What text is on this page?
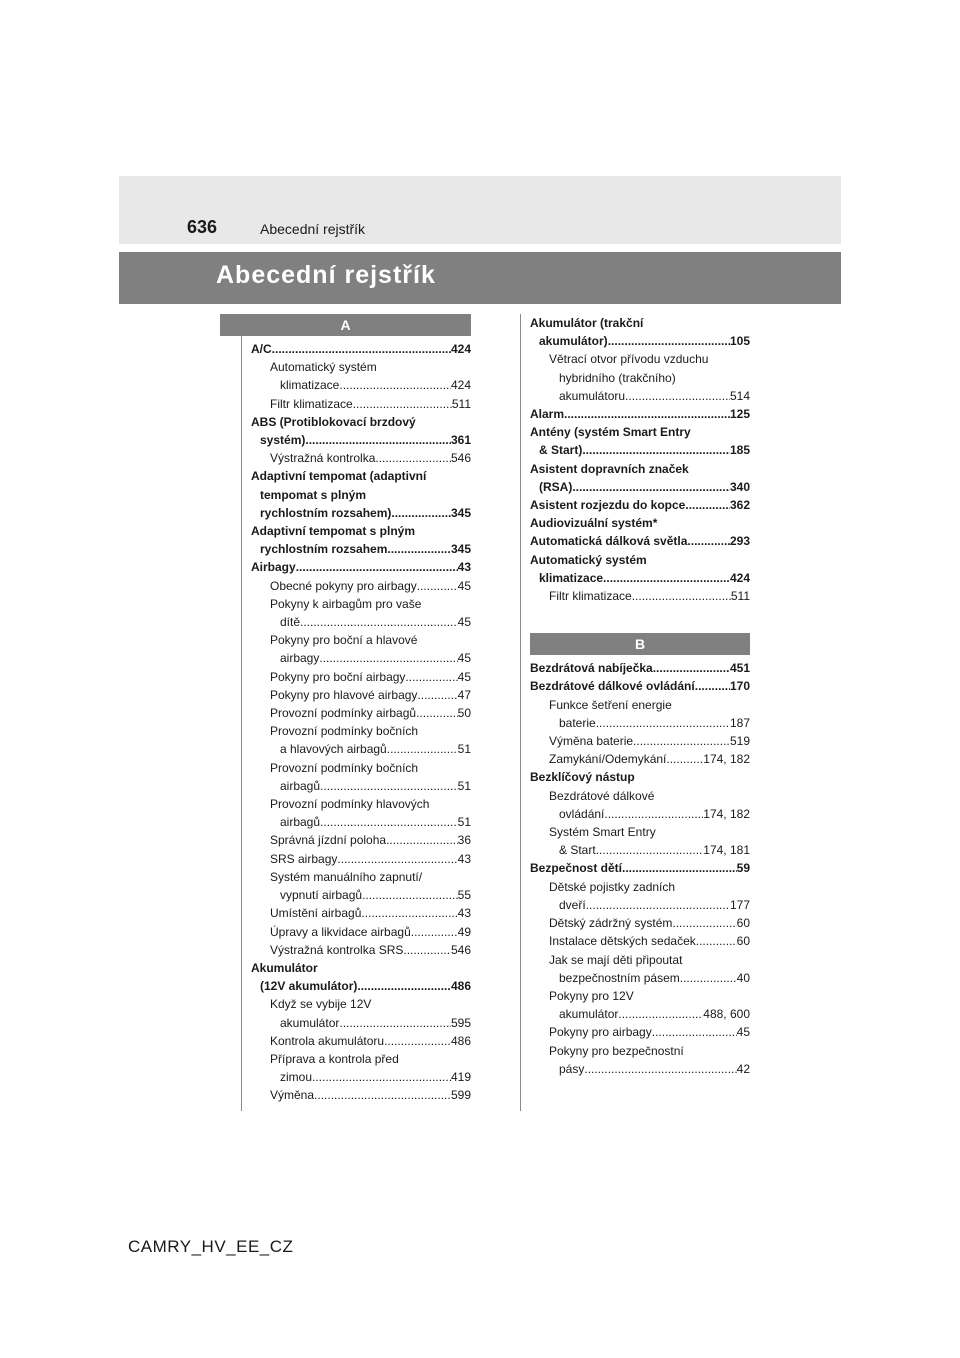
636	Abecední rejstřík
Abecední rejstřík
A
..... A/C	424
Automatický systém
..... klimatizace	424
..... Filtr klimatizace	511
ABS (Protiblokovací brzdový
..... systém)	361
..... Výstražná kontrolka	546
Adaptivní tempomat (adaptivní
tempomat s plným
..... rychlostním rozsahem)	345
Adaptivní tempomat s plným
..... rychlostním rozsahem	345
..... Airbagy	43
..... Obecné pokyny pro airbagy	45
Pokyny k airbagům pro vaše
..... dítě	45
Pokyny pro boční a hlavové
..... airbagy	45
..... Pokyny pro boční airbagy	45
..... Pokyny pro hlavové airbagy	47
..... Provozní podmínky airbagů	50
Provozní podmínky bočních
..... a hlavových airbagů	51
Provozní podmínky bočních
..... airbagů	51
Provozní podmínky hlavových
..... airbagů	51
..... Správná jízdní poloha	36
..... SRS airbagy	43
Systém manuálního zapnutí/
..... vypnutí airbagů	55
..... Umístění airbagů	43
..... Úpravy a likvidace airbagů	49
..... Výstražná kontrolka SRS	546
Akumulátor
..... (12V akumulátor)	486
Když se vybije 12V
..... akumulátor	595
..... Kontrola akumulátoru	486
Příprava a kontrola před
..... zimou	419
..... Výměna	599
Akumulátor (trakční
..... akumulátor)	105
Větrací otvor přívodu vzduchu
hybridního (trakčního)
..... akumulátoru	514
..... Alarm	125
Antény (systém Smart Entry
..... & Start)	185
Asistent dopravních značek
..... (RSA)	340
..... Asistent rozjezdu do kopce	362
Audiovizuální systém*
..... Automatická dálková světla	293
Automatický systém
..... klimatizace	424
..... Filtr klimatizace	511
B
..... Bezdrátová nabíječka	451
..... Bezdrátové dálkové ovládání	170
Funkce šetření energie
..... baterie	187
..... Výměna baterie	519
..... Zamykání/Odemykání	174, 182
Bezklíčový nástup
Bezdrátové dálkové
..... ovládání	174, 182
Systém Smart Entry
..... & Start	174, 181
..... Bezpečnost dětí	59
Dětské pojistky zadních
..... dveří	177
..... Dětský zádržný systém	60
..... Instalace dětských sedaček	60
Jak se mají děti připoutat
..... bezpečnostním pásem	40
Pokyny pro 12V
..... akumulátor	488, 600
..... Pokyny pro airbagy	45
Pokyny pro bezpečnostní
..... pásy	42
CAMRY_HV_EE_CZ
